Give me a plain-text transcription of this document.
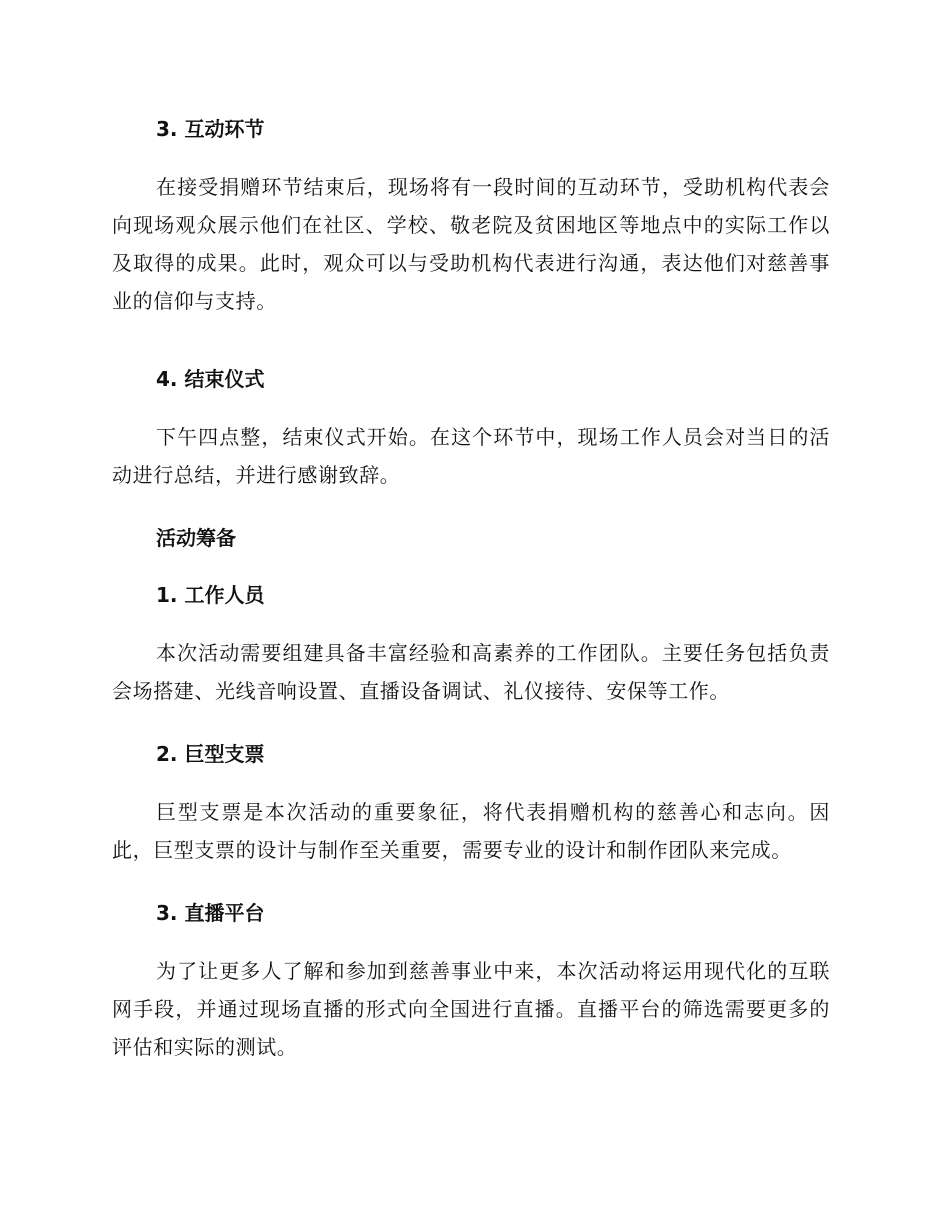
3. 互动环节
在接受捐赠环节结束后，现场将有一段时间的互动环节，受助机构代表会向现场观众展示他们在社区、学校、敬老院及贫困地区等地点中的实际工作以及取得的成果。此时，观众可以与受助机构代表进行沟通，表达他们对慈善事业的信仰与支持。
4. 结束仪式
下午四点整，结束仪式开始。在这个环节中，现场工作人员会对当日的活动进行总结，并进行感谢致辞。
活动筹备
1. 工作人员
本次活动需要组建具备丰富经验和高素养的工作团队。主要任务包括负责会场搭建、光线音响设置、直播设备调试、礼仪接待、安保等工作。
2. 巨型支票
巨型支票是本次活动的重要象征，将代表捐赠机构的慈善心和志向。因此，巨型支票的设计与制作至关重要，需要专业的设计和制作团队来完成。
3. 直播平台
为了让更多人了解和参加到慈善事业中来，本次活动将运用现代化的互联网手段，并通过现场直播的形式向全国进行直播。直播平台的筛选需要更多的评估和实际的测试。
